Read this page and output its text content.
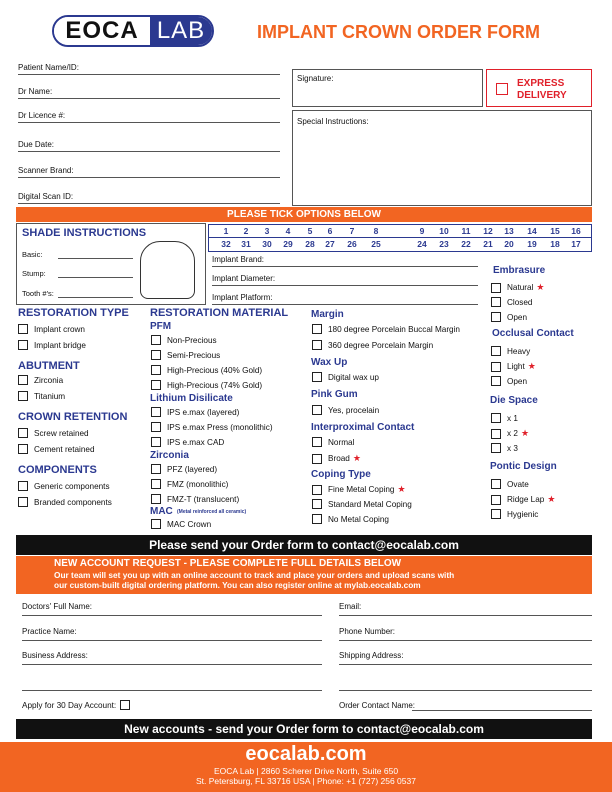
EOCA LAB	IMPLANT CROWN ORDER FORM
Patient Name/ID:
Dr Name:
Dr Licence #:
Due Date:
Scanner Brand:
Digital Scan ID:
Signature:	EXPRESS
DELIVERY
Special Instructions:
PLEASE TICK OPTIONS BELOW
SHADE INSTRUCTIONS
Basic:
Stump:
Tooth #'s:
1	2	3	4	5	6	7	8	9	10	11	12	13	14	15	16
32	31	30	29	28	27	26	25	24	23	22	21	20	19	18	17
Implant Brand:
Implant Diameter:
Implant Platform:
RESTORATION TYPE
Implant crown
Implant bridge
ABUTMENT
Zirconia
Titanium
CROWN RETENTION
Screw retained
Cement retained
COMPONENTS
Generic components
Branded components
RESTORATION MATERIAL
PFM
Non-Precious
Semi-Precious
High-Precious (40% Gold)
High-Precious (74% Gold)
Lithium Disilicate
IPS e.max (layered)
IPS e.max Press (monolithic)
IPS e.max CAD
Zirconia
PFZ (layered)
FMZ (monolithic)
FMZ-T (translucent)
MAC (Metal reinforced all ceramic)
MAC Crown
Margin
180 degree Porcelain Buccal Margin
360 degree Porcelain Margin
Wax Up
Digital wax up
Pink Gum
Yes, procelain
Interproximal Contact
Normal
Broad ★
Coping Type
Fine Metal Coping ★
Standard Metal Coping
No Metal Coping
Embrasure
Natural ★
Closed
Open
Occlusal Contact
Heavy
Light ★
Open
Die Space
x 1
x 2 ★
x 3
Pontic Design
Ovate
Ridge Lap ★
Hygienic
Please send your Order form to contact@eocalab.com
NEW ACCOUNT REQUEST - PLEASE COMPLETE FULL DETAILS BELOW
Our team will set you up with an online account to track and place your orders and upload scans with
our custom-built digital ordering platform. You can also register online at mylab.eocalab.com
Doctors' Full Name:
Practice Name:
Business Address:
Email:
Phone Number:
Shipping Address:
Apply for 30 Day Account:	Order Contact Name:
New accounts - send your Order form to contact@eocalab.com
eocalab.com
EOCA Lab | 2860 Scherer Drive North, Suite 650
St. Petersburg, FL 33716 USA | Phone: +1 (727) 256 0537
